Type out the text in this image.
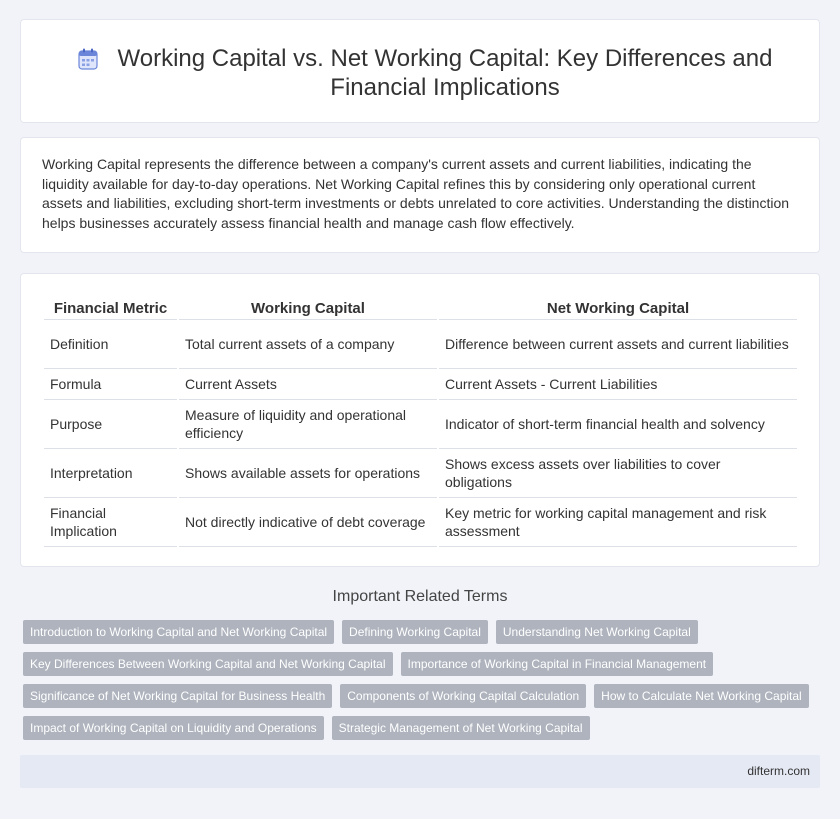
Working Capital vs. Net Working Capital: Key Differences and Financial Implications

Working Capital represents the difference between a company's current assets and current liabilities, indicating the liquidity available for day-to-day operations. Net Working Capital refines this by considering only operational current assets and liabilities, excluding short-term investments or debts unrelated to core activities. Understanding the distinction helps businesses accurately assess financial health and manage cash flow effectively.

Financial Metric	Working Capital	Net Working Capital
Definition	Total current assets of a company	Difference between current assets and current liabilities
Formula	Current Assets	Current Assets - Current Liabilities
Purpose	Measure of liquidity and operational efficiency	Indicator of short-term financial health and solvency
Interpretation	Shows available assets for operations	Shows excess assets over liabilities to cover obligations
Financial Implication	Not directly indicative of debt coverage	Key metric for working capital management and risk assessment
Important Related Terms
Introduction to Working Capital and Net Working Capital	Defining Working Capital	Understanding Net Working Capital
Key Differences Between Working Capital and Net Working Capital	Importance of Working Capital in Financial Management
Significance of Net Working Capital for Business Health	Components of Working Capital Calculation	How to Calculate Net Working Capital
Impact of Working Capital on Liquidity and Operations	Strategic Management of Net Working Capital
difterm.com
